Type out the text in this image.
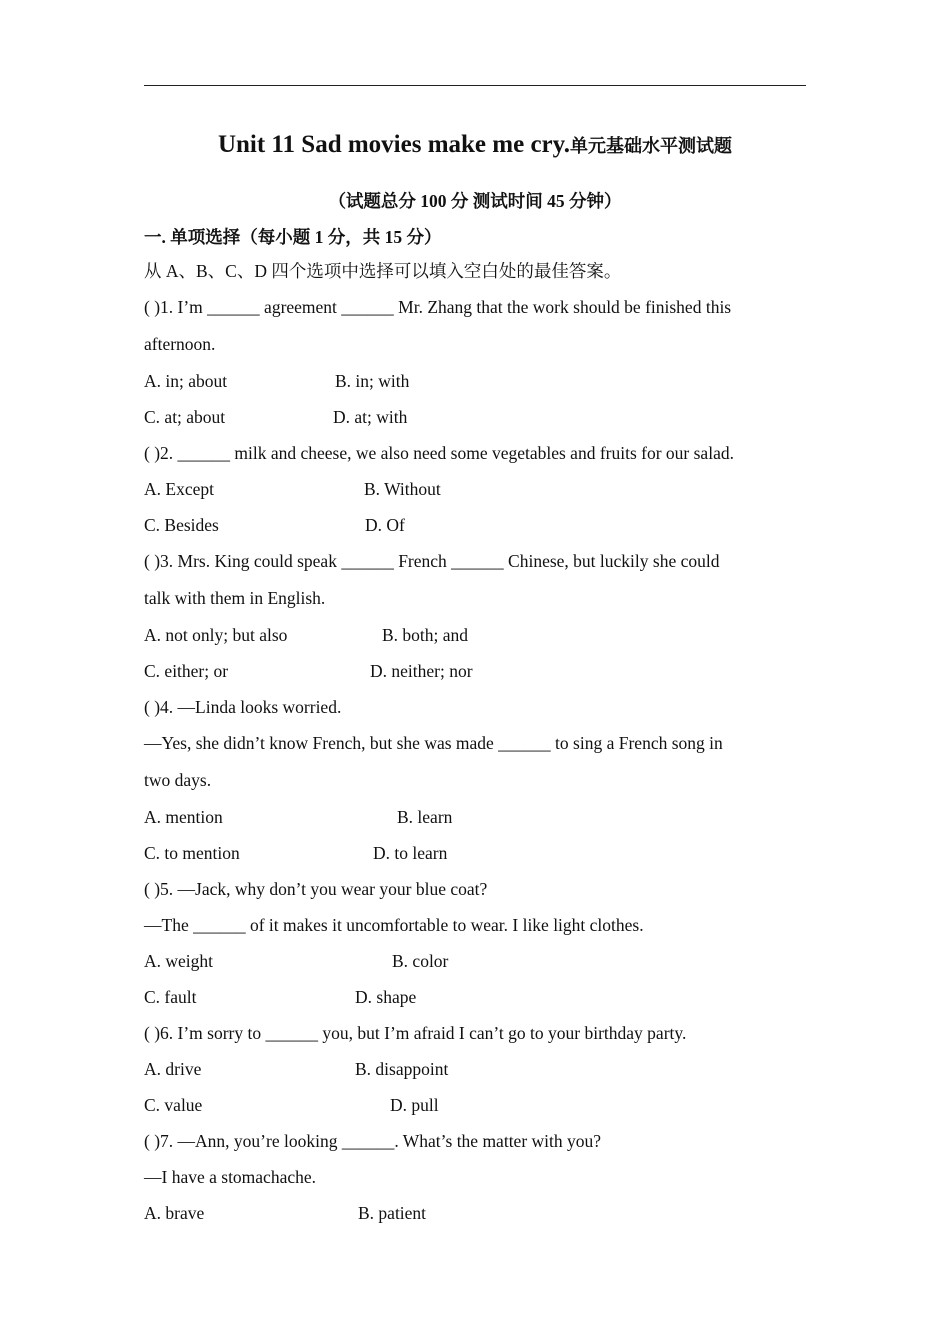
Unit 11 Sad movies make me cry.单元基础水平测试题
（试题总分 100 分 测试时间 45 分钟）
一. 单项选择（每小题 1 分，共 15 分）
从 A、B、C、D 四个选项中选择可以填入空白处的最佳答案。
( )1. I’m ______ agreement ______ Mr. Zhang that the work should be finished this
afternoon.
A. in; about	B. in; with
C. at; about	D. at; with
( )2. ______ milk and cheese, we also need some vegetables and fruits for our salad.
A. Except	B. Without
C. Besides	D. Of
( )3. Mrs. King could speak ______ French ______ Chinese, but luckily she could
talk with them in English.
A. not only; but also	B. both; and
C. either; or	D. neither; nor
( )4. —Linda looks worried.
—Yes, she didn’t know French, but she was made ______ to sing a French song in
two days.
A. mention	B. learn
C. to mention	D. to learn
( )5. —Jack, why don’t you wear your blue coat?
—The ______ of it makes it uncomfortable to wear. I like light clothes.
A. weight	B. color
C. fault	D. shape
( )6. I’m sorry to ______ you, but I’m afraid I can’t go to your birthday party.
A. drive	B. disappoint
C. value	D. pull
( )7. —Ann, you’re looking ______. What’s the matter with you?
—I have a stomachache.
A. brave	B. patient
